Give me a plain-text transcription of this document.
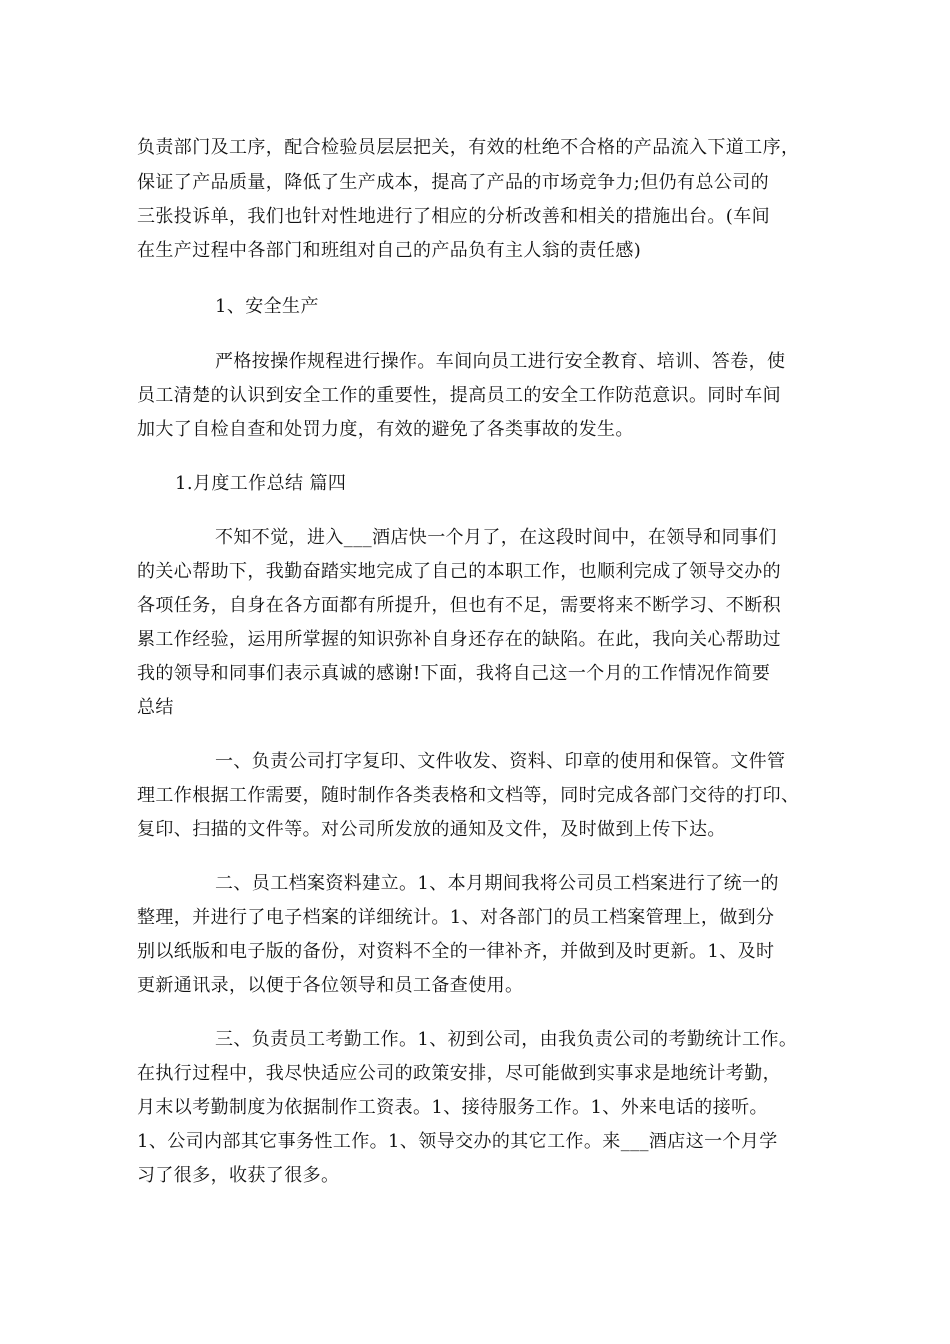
负责部门及工序，配合检验员层层把关，有效的杜绝不合格的产品流入下道工序，
保证了产品质量，降低了生产成本，提高了产品的市场竞争力;但仍有总公司的
三张投诉单，我们也针对性地进行了相应的分析改善和相关的措施出台。(车间
在生产过程中各部门和班组对自己的产品负有主人翁的责任感)
1、安全生产
严格按操作规程进行操作。车间向员工进行安全教育、培训、答卷，使
员工清楚的认识到安全工作的重要性，提高员工的安全工作防范意识。同时车间
加大了自检自查和处罚力度，有效的避免了各类事故的发生。
1.月度工作总结 篇四
不知不觉，进入___酒店快一个月了，在这段时间中，在领导和同事们
的关心帮助下，我勤奋踏实地完成了自己的本职工作，也顺利完成了领导交办的
各项任务，自身在各方面都有所提升，但也有不足，需要将来不断学习、不断积
累工作经验，运用所掌握的知识弥补自身还存在的缺陷。在此，我向关心帮助过
我的领导和同事们表示真诚的感谢!下面，我将自己这一个月的工作情况作简要
总结
一、负责公司打字复印、文件收发、资料、印章的使用和保管。文件管
理工作根据工作需要，随时制作各类表格和文档等，同时完成各部门交待的打印、
复印、扫描的文件等。对公司所发放的通知及文件，及时做到上传下达。
二、员工档案资料建立。1、本月期间我将公司员工档案进行了统一的
整理，并进行了电子档案的详细统计。1、对各部门的员工档案管理上，做到分
别以纸版和电子版的备份，对资料不全的一律补齐，并做到及时更新。1、及时
更新通讯录，以便于各位领导和员工备查使用。
三、负责员工考勤工作。1、初到公司，由我负责公司的考勤统计工作。
在执行过程中，我尽快适应公司的政策安排，尽可能做到实事求是地统计考勤，
月末以考勤制度为依据制作工资表。1、接待服务工作。1、外来电话的接听。
1、公司内部其它事务性工作。1、领导交办的其它工作。来___酒店这一个月学
习了很多，收获了很多。
